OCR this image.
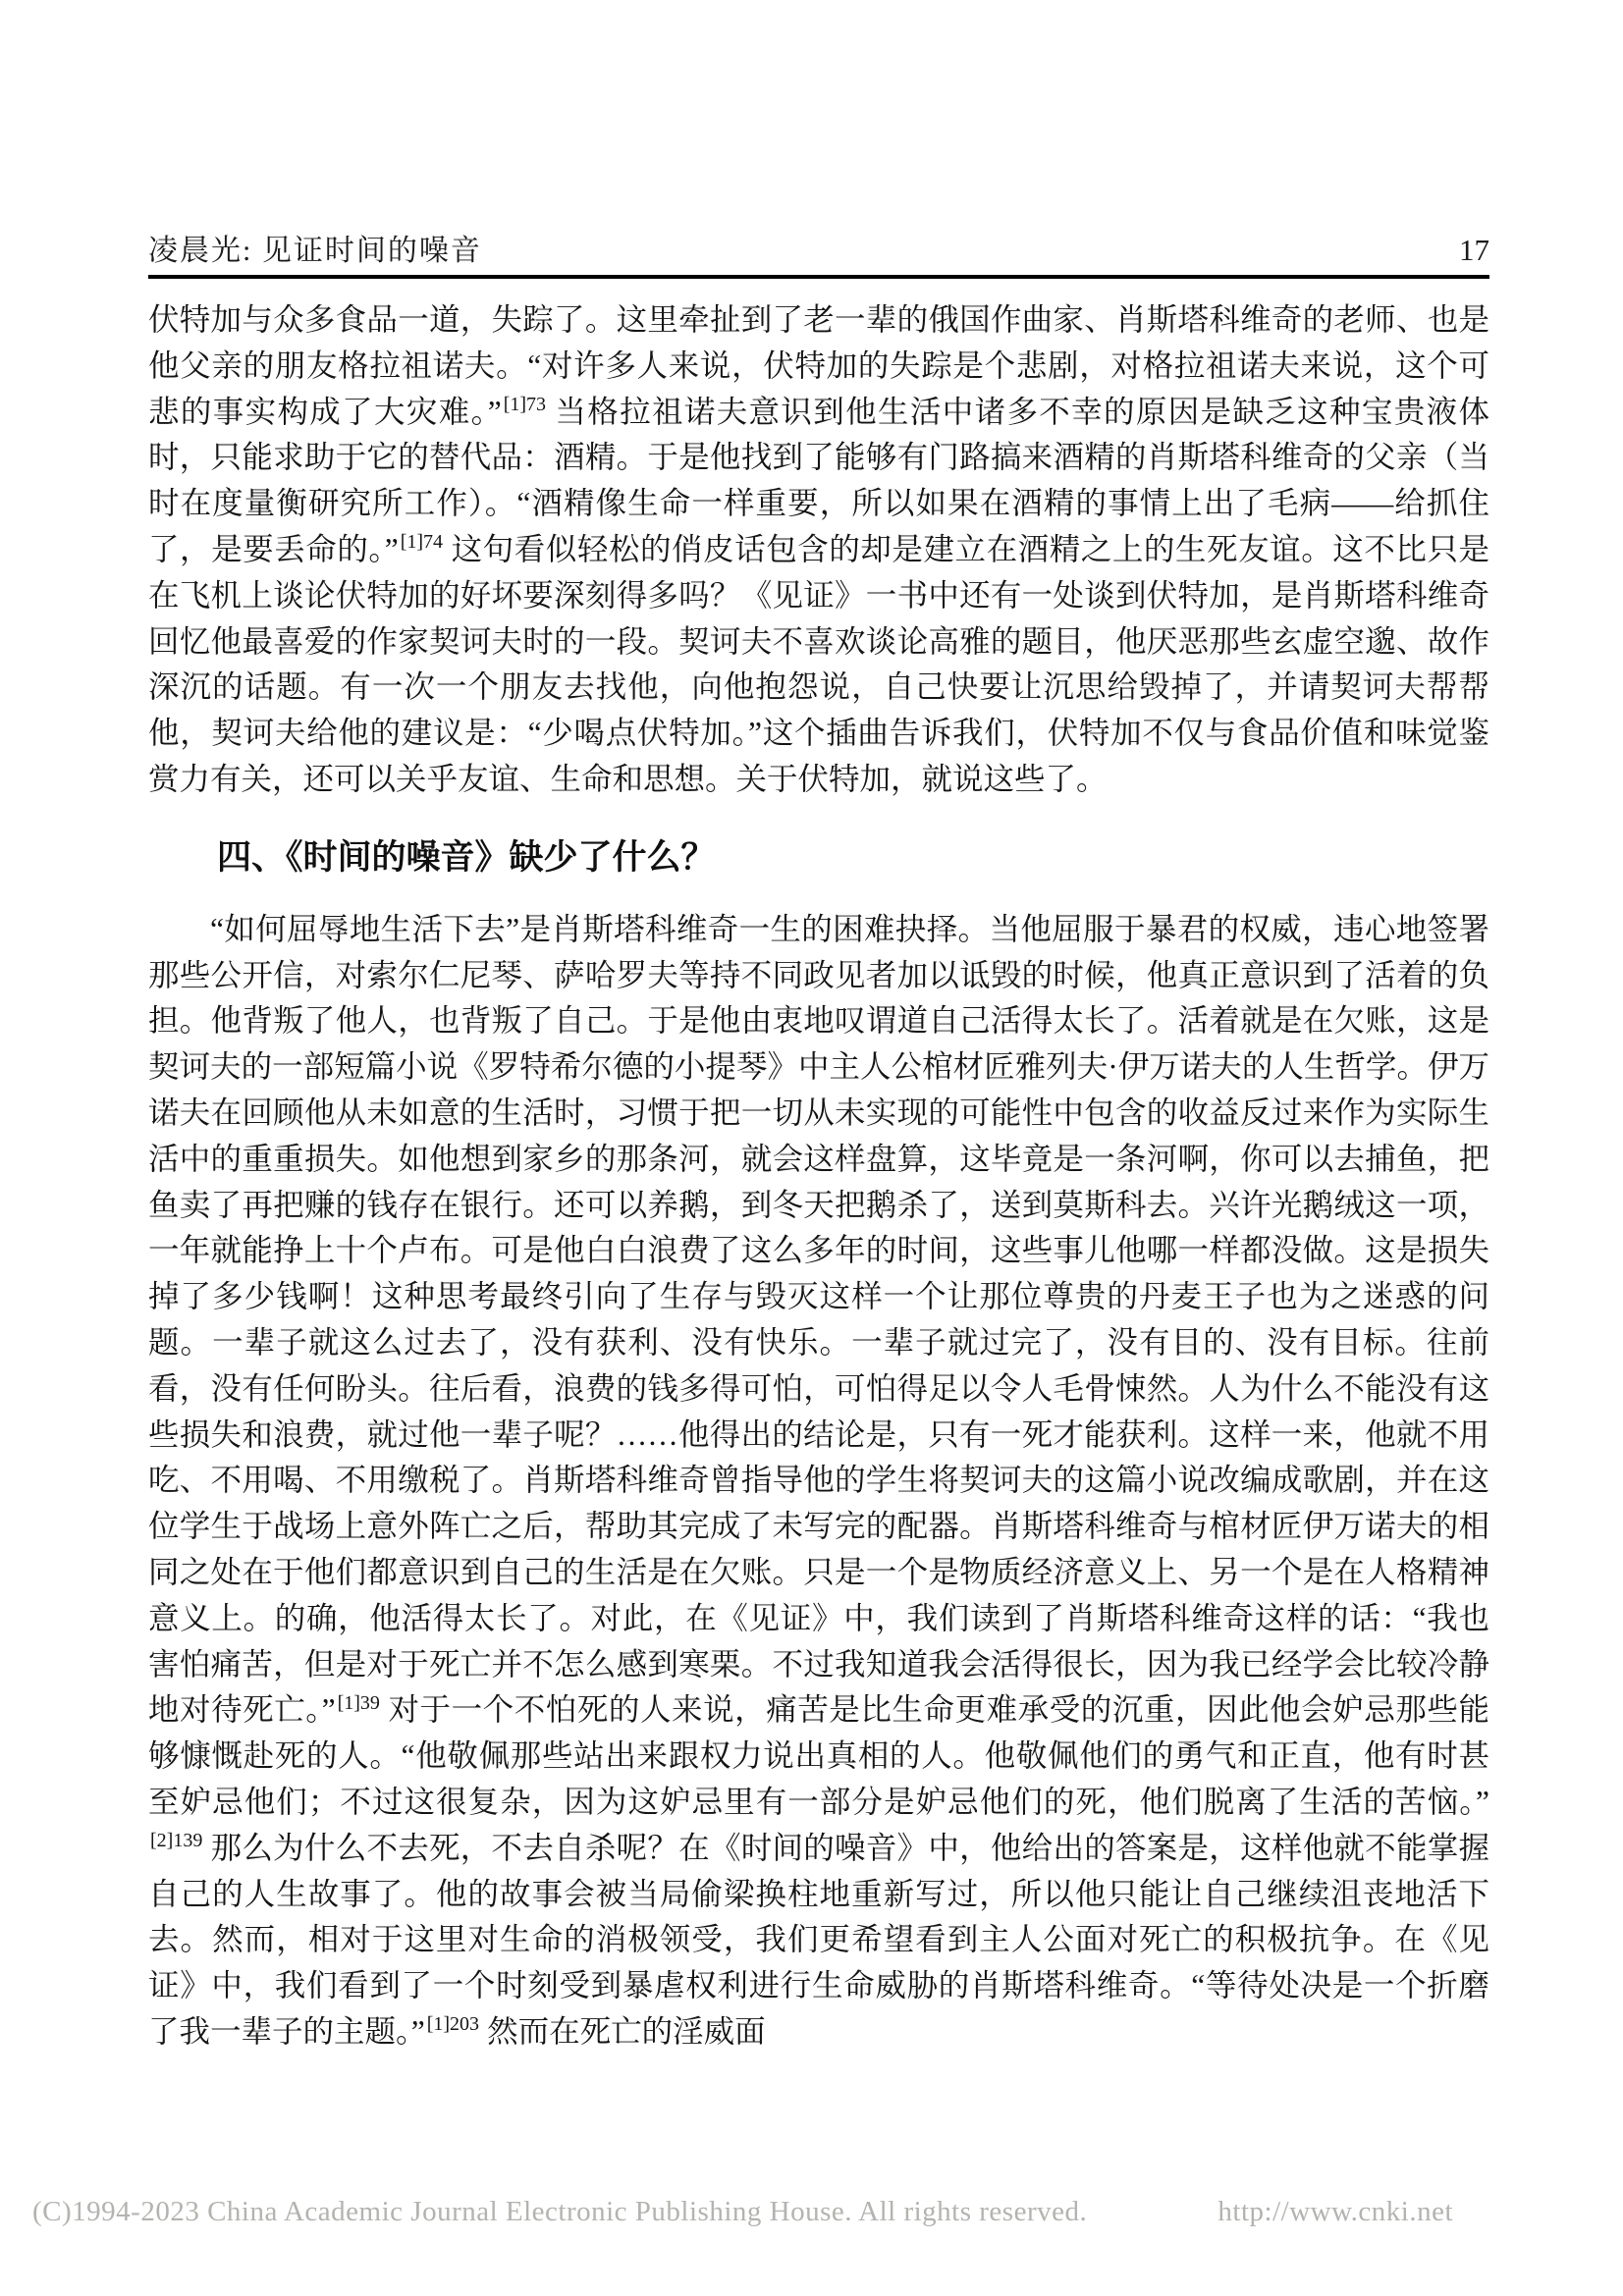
凌晨光: 见证时间的噪音	17

伏特加与众多食品一道，失踪了。这里牵扯到了老一辈的俄国作曲家、肖斯塔科维奇的老师、也是他父亲的朋友格拉祖诺夫。“对许多人来说，伏特加的失踪是个悲剧，对格拉祖诺夫来说，这个可悲的事实构成了大灾难。” $^{[1]73}$ 当格拉祖诺夫意识到他生活中诸多不幸的原因是缺乏这种宝贵液体时，只能求助于它的替代品：酒精。于是他找到了能够有门路搞来酒精的肖斯塔科维奇的父亲（当时在度量衡研究所工作）。“酒精像生命一样重要，所以如果在酒精的事情上出了毛病——给抓住了，是要丢命的。” $^{[1]74}$ 这句看似轻松的俏皮话包含的却是建立在酒精之上的生死友谊。这不比只是在飞机上谈论伏特加的好坏要深刻得多吗？《见证》一书中还有一处谈到伏特加，是肖斯塔科维奇回忆他最喜爱的作家契诃夫时的一段。契诃夫不喜欢谈论高雅的题目，他厌恶那些玄虚空邈、故作深沉的话题。有一次一个朋友去找他，向他抱怨说，自己快要让沉思给毁掉了，并请契诃夫帮帮他，契诃夫给他的建议是：“少喝点伏特加。”这个插曲告诉我们，伏特加不仅与食品价值和味觉鉴赏力有关，还可以关乎友谊、生命和思想。关于伏特加，就说这些了。

四、《时间的噪音》缺少了什么？

“如何屈辱地生活下去”是肖斯塔科维奇一生的困难抉择。当他屈服于暴君的权威，违心地签署那些公开信，对索尔仁尼琴、萨哈罗夫等持不同政见者加以诋毁的时候，他真正意识到了活着的负担。他背叛了他人，也背叛了自己。于是他由衷地叹谓道自己活得太长了。活着就是在欠账，这是契诃夫的一部短篇小说《罗特希尔德的小提琴》中主人公棺材匠雅列夫·伊万诺夫的人生哲学。伊万诺夫在回顾他从未如意的生活时，习惯于把一切从未实现的可能性中包含的收益反过来作为实际生活中的重重损失。如他想到家乡的那条河，就会这样盘算，这毕竟是一条河啊，你可以去捕鱼，把鱼卖了再把赚的钱存在银行。还可以养鹅，到冬天把鹅杀了，送到莫斯科去。兴许光鹅绒这一项，一年就能挣上十个卢布。可是他白白浪费了这么多年的时间，这些事儿他哪一样都没做。这是损失掉了多少钱啊！这种思考最终引向了生存与毁灭这样一个让那位尊贵的丹麦王子也为之迷惑的问题。一辈子就这么过去了，没有获利、没有快乐。一辈子就过完了，没有目的、没有目标。往前看，没有任何盼头。往后看，浪费的钱多得可怕，可怕得足以令人毛骨悚然。人为什么不能没有这些损失和浪费，就过他一辈子呢？……他得出的结论是，只有一死才能获利。这样一来，他就不用吃、不用喝、不用缴税了。肖斯塔科维奇曾指导他的学生将契诃夫的这篇小说改编成歌剧，并在这位学生于战场上意外阵亡之后，帮助其完成了未写完的配器。肖斯塔科维奇与棺材匠伊万诺夫的相同之处在于他们都意识到自己的生活是在欠账。只是一个是物质经济意义上、另一个是在人格精神意义上。的确，他活得太长了。对此，在《见证》中，我们读到了肖斯塔科维奇这样的话：“我也害怕痛苦，但是对于死亡并不怎么感到寒栗。不过我知道我会活得很长，因为我已经学会比较冷静地对待死亡。” $^{[1]39}$ 对于一个不怕死的人来说，痛苦是比生命更难承受的沉重，因此他会妒忌那些能够慷慨赴死的人。“他敬佩那些站出来跟权力说出真相的人。他敬佩他们的勇气和正直，他有时甚至妒忌他们；不过这很复杂，因为这妒忌里有一部分是妒忌他们的死，他们脱离了生活的苦恼。”$^{[2]139}$ 那么为什么不去死，不去自杀呢？在《时间的噪音》中，他给出的答案是，这样他就不能掌握自己的人生故事了。他的故事会被当局偷梁换柱地重新写过，所以他只能让自己继续沮丧地活下去。然而，相对于这里对生命的消极领受，我们更希望看到主人公面对死亡的积极抗争。在《见证》中，我们看到了一个时刻受到暴虐权利进行生命威胁的肖斯塔科维奇。“等待处决是一个折磨了我一辈子的主题。” $^{[1]203}$ 然而在死亡的淫威面

(C)1994-2023 China Academic Journal Electronic Publishing House. All rights reserved.	http://www.cnki.net
